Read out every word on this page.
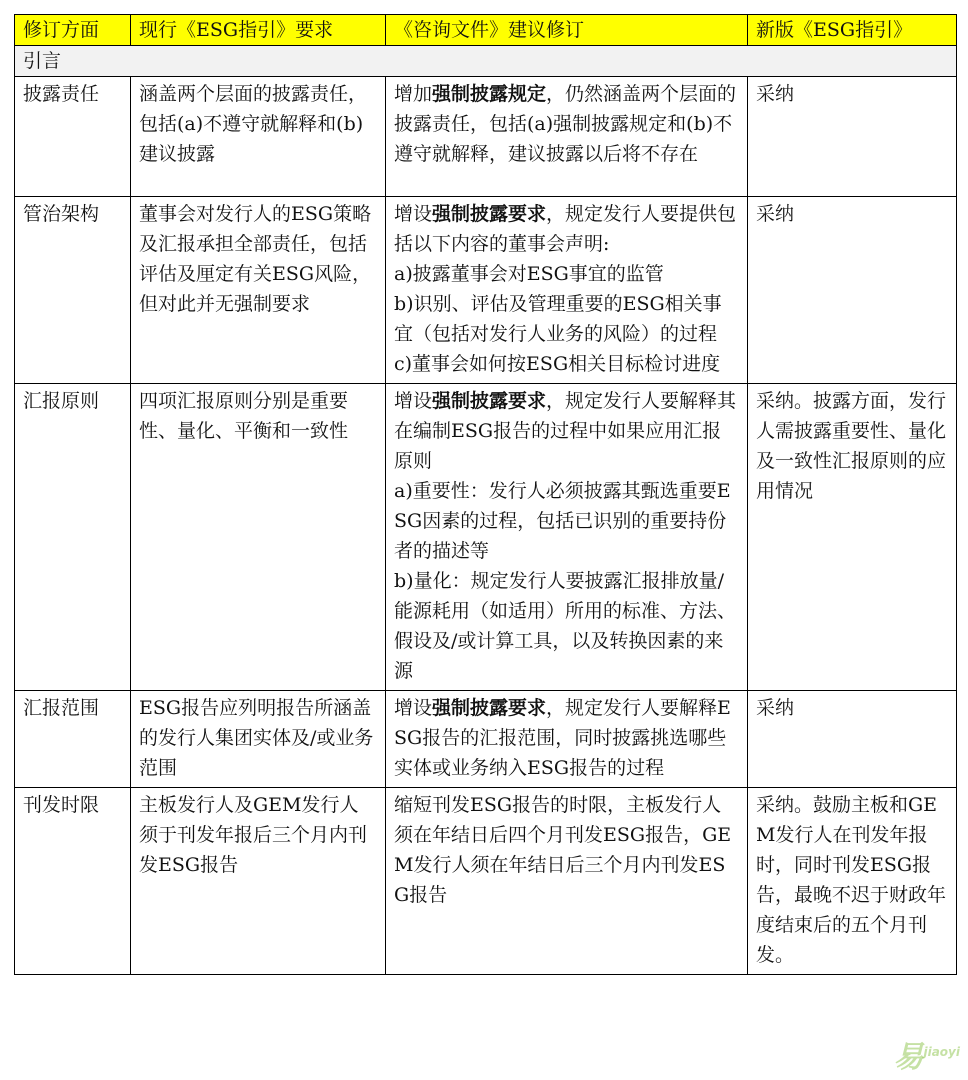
修订方面	现行《ESG指引》要求	《咨询文件》建议修订	新版《ESG指引》
引言			
披露责任	涵盖两个层面的披露责任，包括(a)不遵守就解释和(b)建议披露	增加强制披露规定，仍然涵盖两个层面的披露责任，包括(a)强制披露规定和(b)不遵守就解释，建议披露以后将不存在	采纳
管治架构	董事会对发行人的ESG策略及汇报承担全部责任，包括评估及厘定有关ESG风险，但对此并无强制要求	增设强制披露要求，规定发行人要提供包括以下内容的董事会声明:
a)披露董事会对ESG事宜的监管
b)识别、评估及管理重要的ESG相关事宜（包括对发行人业务的风险）的过程
c)董事会如何按ESG相关目标检讨进度	采纳
汇报原则	四项汇报原则分别是重要性、量化、平衡和一致性	增设强制披露要求，规定发行人要解释其在编制ESG报告的过程中如果应用汇报原则
a)重要性：发行人必须披露其甄选重要ESG因素的过程，包括已识别的重要持份者的描述等
b)量化：规定发行人要披露汇报排放量/能源耗用（如适用）所用的标准、方法、假设及/或计算工具，以及转换因素的来源	采纳。披露方面，发行人需披露重要性、量化及一致性汇报原则的应用情况
汇报范围	ESG报告应列明报告所涵盖的发行人集团实体及/或业务范围	增设强制披露要求，规定发行人要解释ESG报告的汇报范围，同时披露挑选哪些实体或业务纳入ESG报告的过程	采纳
刊发时限	主板发行人及GEM发行人须于刊发年报后三个月内刊发ESG报告	缩短刊发ESG报告的时限，主板发行人须在年结日后四个月刊发ESG报告，GEM发行人须在年结日后三个月内刊发ESG报告	采纳。鼓励主板和GEM发行人在刊发年报时，同时刊发ESG报告，最晚不迟于财政年度结束后的五个月刊发。
易$^{jiaoyi}$
